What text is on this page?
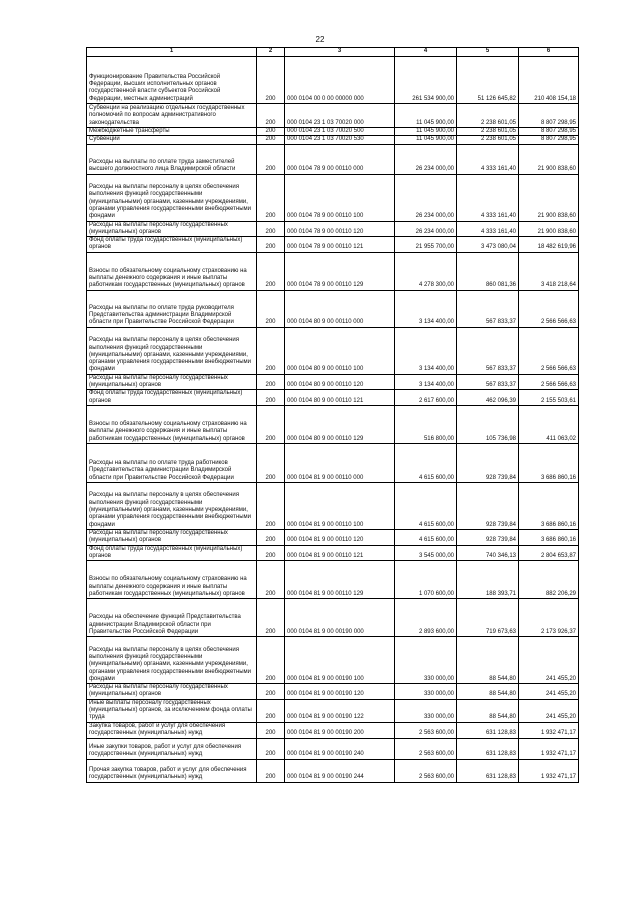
22
1	2	3	4	5	6
Функционирование Правительства Российской Федерации, высших исполнительных органов государственной власти субъектов Российской Федерации, местных администраций	200	000 0104 00 0 00 00000 000	261 534 900,00	51 126 645,82	210 408 154,18
Субвенции на реализацию отдельных государственных полномочий по вопросам административного законодательства	200	000 0104 23 1 03 70020 000	11 045 900,00	2 238 601,05	8 807 298,95
Межбюджетные трансферты	200	000 0104 23 1 03 70020 500	11 045 900,00	2 238 601,05	8 807 298,95
Субвенции	200	000 0104 23 1 03 70020 530	11 045 900,00	2 238 601,05	8 807 298,95
Расходы на выплаты по оплате труда заместителей высшего должностного лица Владимирской области	200	000 0104 78 9 00 00110 000	26 234 000,00	4 333 161,40	21 900 838,60
Расходы на выплаты персоналу в целях обеспечения выполнения функций государственными (муниципальными) органами, казенными учреждениями, органами управления государственными внебюджетными фондами	200	000 0104 78 9 00 00110 100	26 234 000,00	4 333 161,40	21 900 838,60
Расходы на выплаты персоналу государственных (муниципальных) органов	200	000 0104 78 9 00 00110 120	26 234 000,00	4 333 161,40	21 900 838,60
Фонд оплаты труда государственных (муниципальных) органов	200	000 0104 78 9 00 00110 121	21 955 700,00	3 473 080,04	18 482 619,96
Взносы по обязательному социальному страхованию на выплаты денежного содержания и иные выплаты работникам государственных (муниципальных) органов	200	000 0104 78 9 00 00110 129	4 278 300,00	860 081,36	3 418 218,64
Расходы на выплаты по оплате труда руководителя Представительства администрации Владимирской области при Правительстве Российской Федерации	200	000 0104 80 9 00 00110 000	3 134 400,00	567 833,37	2 566 566,63
Расходы на выплаты персоналу в целях обеспечения выполнения функций государственными (муниципальными) органами, казенными учреждениями, органами управления государственными внебюджетными фондами	200	000 0104 80 9 00 00110 100	3 134 400,00	567 833,37	2 566 566,63
Расходы на выплаты персоналу государственных (муниципальных) органов	200	000 0104 80 9 00 00110 120	3 134 400,00	567 833,37	2 566 566,63
Фонд оплаты труда государственных (муниципальных) органов	200	000 0104 80 9 00 00110 121	2 617 600,00	462 096,39	2 155 503,61
Взносы по обязательному социальному страхованию на выплаты денежного содержания и иные выплаты работникам государственных (муниципальных) органов	200	000 0104 80 9 00 00110 129	516 800,00	105 736,98	411 063,02
Расходы на выплаты по оплате труда работников Представительства администрации Владимирской области при Правительстве Российской Федерации	200	000 0104 81 9 00 00110 000	4 615 600,00	928 739,84	3 686 860,16
Расходы на выплаты персоналу в целях обеспечения выполнения функций государственными (муниципальными) органами, казенными учреждениями, органами управления государственными внебюджетными фондами	200	000 0104 81 9 00 00110 100	4 615 600,00	928 739,84	3 686 860,16
Расходы на выплаты персоналу государственных (муниципальных) органов	200	000 0104 81 9 00 00110 120	4 615 600,00	928 739,84	3 686 860,16
Фонд оплаты труда государственных (муниципальных) органов	200	000 0104 81 9 00 00110 121	3 545 000,00	740 346,13	2 804 653,87
Взносы по обязательному социальному страхованию на выплаты денежного содержания и иные выплаты работникам государственных (муниципальных) органов	200	000 0104 81 9 00 00110 129	1 070 600,00	188 393,71	882 206,29
Расходы на обеспечение функций Представительства администрации Владимирской области при Правительстве Российской Федерации	200	000 0104 81 9 00 00190 000	2 893 600,00	719 673,63	2 173 926,37
Расходы на выплаты персоналу в целях обеспечения выполнения функций государственными (муниципальными) органами, казенными учреждениями, органами управления государственными внебюджетными фондами	200	000 0104 81 9 00 00190 100	330 000,00	88 544,80	241 455,20
Расходы на выплаты персоналу государственных (муниципальных) органов	200	000 0104 81 9 00 00190 120	330 000,00	88 544,80	241 455,20
Иные выплаты персоналу государственных (муниципальных) органов, за исключением фонда оплаты труда	200	000 0104 81 9 00 00190 122	330 000,00	88 544,80	241 455,20
Закупка товаров, работ и услуг для обеспечения государственных (муниципальных) нужд	200	000 0104 81 9 00 00190 200	2 563 600,00	631 128,83	1 932 471,17
Иные закупки товаров, работ и услуг для обеспечения государственных (муниципальных) нужд	200	000 0104 81 9 00 00190 240	2 563 600,00	631 128,83	1 932 471,17
Прочая закупка товаров, работ и услуг для обеспечения государственных (муниципальных) нужд	200	000 0104 81 9 00 00190 244	2 563 600,00	631 128,83	1 932 471,17
